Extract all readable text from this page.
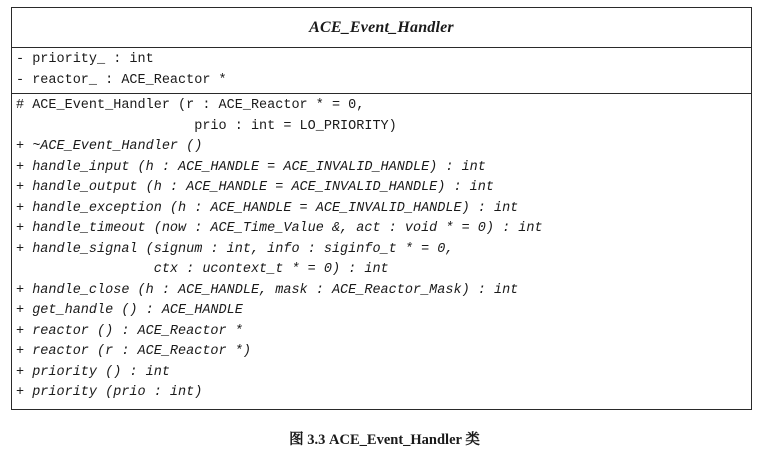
ACE_Event_Handler
- priority_ : int
- reactor_ : ACE_Reactor *
# ACE_Event_Handler (r : ACE_Reactor * = 0,
prio : int = LO_PRIORITY)
+ ~ACE_Event_Handler ()
+ handle_input (h : ACE_HANDLE = ACE_INVALID_HANDLE) : int
+ handle_output (h : ACE_HANDLE = ACE_INVALID_HANDLE) : int
+ handle_exception (h : ACE_HANDLE = ACE_INVALID_HANDLE) : int
+ handle_timeout (now : ACE_Time_Value &, act : void * = 0) : int
+ handle_signal (signum : int, info : siginfo_t * = 0,
ctx : ucontext_t * = 0) : int
+ handle_close (h : ACE_HANDLE, mask : ACE_Reactor_Mask) : int
+ get_handle () : ACE_HANDLE
+ reactor () : ACE_Reactor *
+ reactor (r : ACE_Reactor *)
+ priority () : int
+ priority (prio : int)
图 3.3 ACE_Event_Handler 类
